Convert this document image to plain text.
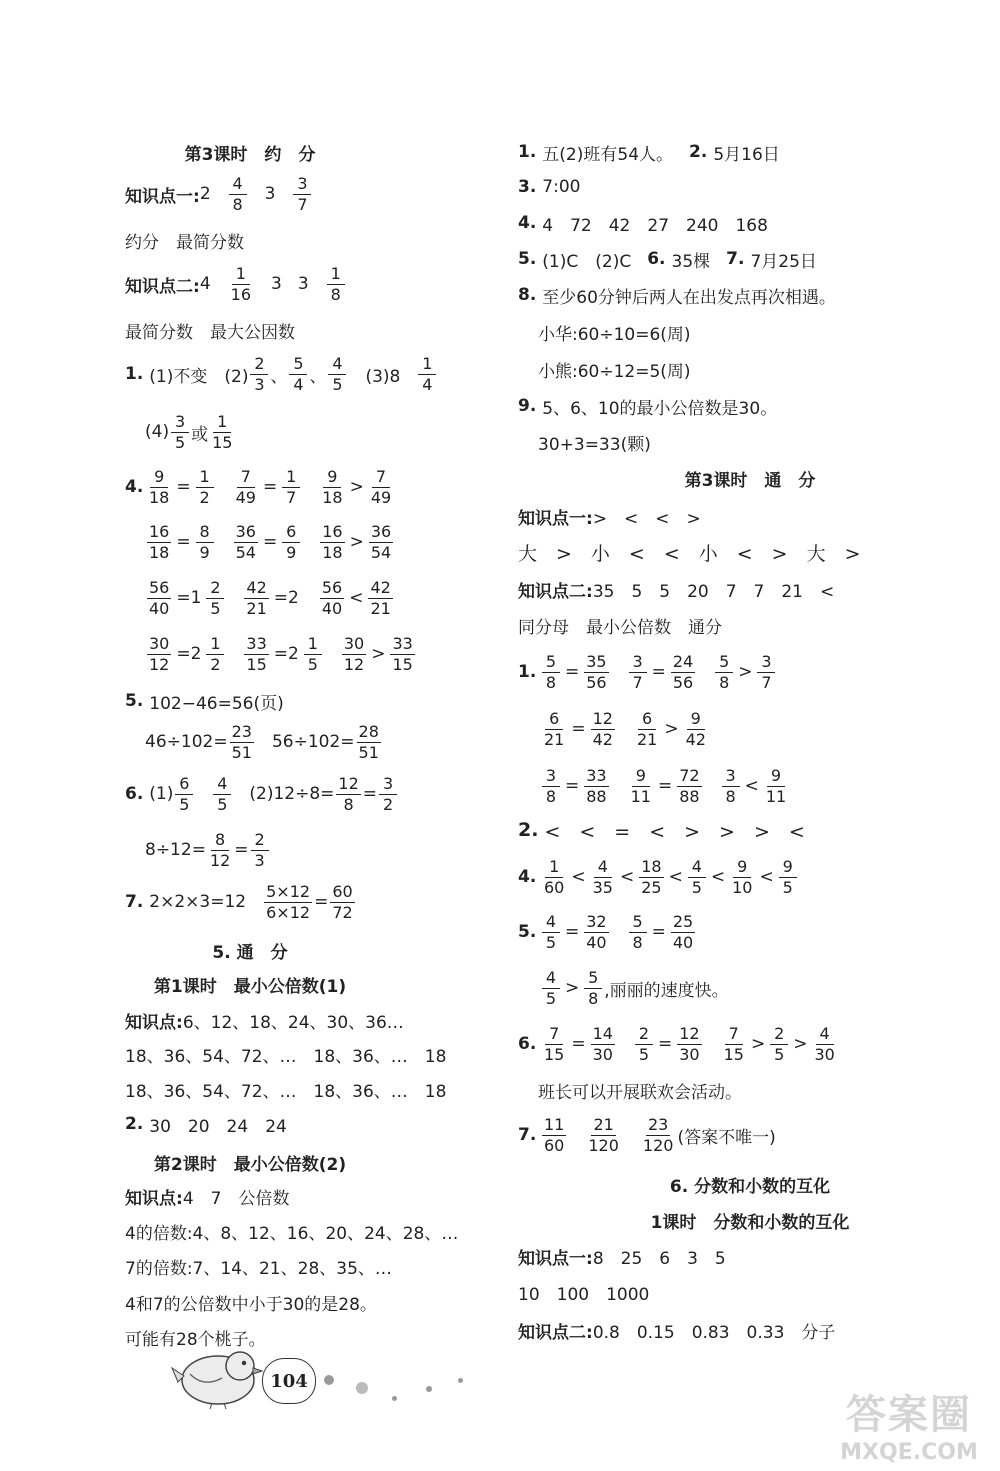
第3课时　约　分
知识点一: $2 \frac{4}{8} 3 \frac{3}{7}$
约分　最简分数
知识点二: $4 \frac{1}{16} 3$ $3 \frac{1}{8}$
最简分数　最大公因数
1. (1)不变　$(2) \frac{2}{3}$ 、 $\frac{5}{4}$ 、 $\frac{4}{5}$ 　$(3)8 \frac{1}{4}$
$(4) \frac{3}{5}$ 或 $\frac{1}{15}$
4. $\frac{9}{18} = \frac{1}{2} \frac{7}{49} = \frac{1}{7} \frac{9}{18} > \frac{7}{49}$
$\frac{16}{18} = \frac{8}{9} \frac{36}{54} = \frac{6}{9} \frac{16}{18} > \frac{36}{54}$
$\frac{56}{40} =1 \frac{2}{5} \frac{42}{21} =2 \frac{56}{40} < \frac{42}{21}$
$\frac{30}{12} =2 \frac{1}{2} \frac{33}{15} =2 \frac{1}{5} \frac{30}{12} > \frac{33}{15}$
5. 102−46=56(页)
$46\div 102= \frac{23}{51} 56\div 102= \frac{28}{51}$
6. $(1) \frac{6}{5} \frac{4}{5} (2)12\div 8= \frac{12}{8} = \frac{3}{2}$
$8\div 12= \frac{8}{12} = \frac{2}{3}$
7. $2\times 2\times 3=12 \frac{5\times 12}{6\times 12} = \frac{60}{72}$
5. 通　分
第1课时　最小公倍数(1)
知识点: 6、12、18、24、30、36…
18、36、54、72、…　18、36、…　18
18、36、54、72、…　18、36、…　18
2. 30　20　24　24
第2课时　最小公倍数(2)
知识点: 4　7　公倍数
4的倍数:4、8、12、16、20、24、28、…
7的倍数:7、14、21、28、35、…
4和7的公倍数中小于30的是28。
可能有28个桃子。
1. 五(2)班有54人。 2. 5月16日
3. 7:00
4. 4　72　42　27　240　168
5. (1)C　(2)C 6. 35棵 7. 7月25日
8. 至少60分钟后两人在出发点再次相遇。
小华:60÷10=6(周)
小熊:60÷12=5(周)
9. 5、6、10的最小公倍数是30。
30+3=33(颗)
第3课时　通　分
知识点一: >　<　<　>
大　>　小　<　<　小　<　>　大　>
知识点二: 35　5　5　20　7　7　21　<
同分母　最小公倍数　通分
1. $\frac{5}{8} = \frac{35}{56} \frac{3}{7} = \frac{24}{56} \frac{5}{8} > \frac{3}{7}$
$\frac{6}{21} = \frac{12}{42} \frac{6}{21} > \frac{9}{42}$
$\frac{3}{8} = \frac{33}{88} \frac{9}{11} = \frac{72}{88} \frac{3}{8} < \frac{9}{11}$
2. <　<　=　<　>　>　>　<
4. $\frac{1}{60} < \frac{4}{35} < \frac{18}{25} < \frac{4}{5} < \frac{9}{10} < \frac{9}{5}$
5. $\frac{4}{5} = \frac{32}{40} \frac{5}{8} = \frac{25}{40}$
$\frac{4}{5} > \frac{5}{8}$ ,丽丽的速度快。
6. $\frac{7}{15} = \frac{14}{30} \frac{2}{5} = \frac{12}{30} \frac{7}{15} > \frac{2}{5} > \frac{4}{30}$
班长可以开展联欢会活动。
7. $\frac{11}{60} \frac{21}{120} \frac{23}{120}$ (答案不唯一)
6. 分数和小数的互化
1课时　分数和小数的互化
知识点一: 8　25　6　3　5
10　100　1000
知识点二: 0.8　0.15　0.83　0.33　分子
104
答案圈
MXQE.COM
